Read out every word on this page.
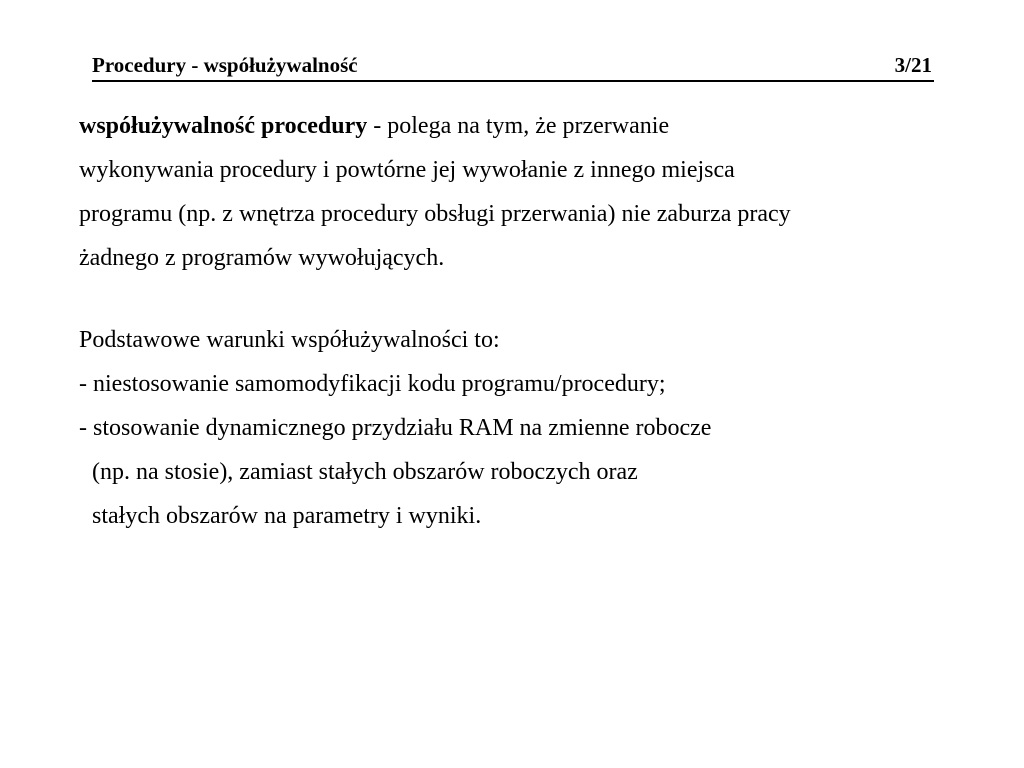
Procedury - współużywalność	3/21
współużywalność procedury - polega na tym, że przerwanie
wykonywania procedury i powtórne jej wywołanie z innego miejsca
programu (np. z wnętrza procedury obsługi przerwania) nie zaburza pracy
żadnego z programów wywołujących.
Podstawowe warunki współużywalności to:
- niestosowanie samomodyfikacji kodu programu/procedury;
- stosowanie dynamicznego przydziału RAM na zmienne robocze
(np. na stosie), zamiast stałych obszarów roboczych oraz
stałych obszarów na parametry i wyniki.
